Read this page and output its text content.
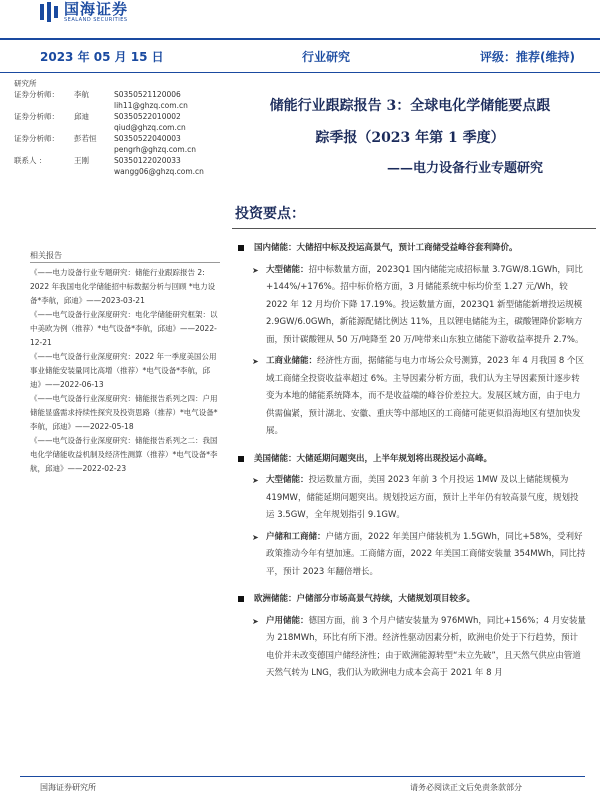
国海证券
SEALAND SECURITIES
2023 年 05 月 15 日	行业研究	评级：推荐(维持)
研究所
证券分析师：	李航	S0350521120006
lih11@ghzq.com.cn
证券分析师：	邱迪	S0350522010002
qiud@ghzq.com.cn
证券分析师：	彭若恒	S0350522040003
pengrh@ghzq.com.cn
联系人 ：	王刚	S0350122020033
wangg06@ghzq.com.cn
相关报告
《——电力设备行业专题研究：储能行业跟踪报告 2: 2022 年我国电化学储能招中标数据分析与回顾 *电力设备*李航，邱迪》——2023-03-21
《——电气设备行业深度研究：电化学储能研究框架：以中美欧为例（推荐）*电气设备*李航，邱迪》——2022-12-21
《——电气设备行业深度研究：2022 年一季度美国公用事业储能安装量同比高增（推荐）*电气设备*李航，邱迪》——2022-06-13
《——电气设备行业深度研究：储能报告系列之四：户用储能显盛需求持续性探究及投资思路（推荐）*电气设备*李航，邱迪》——2022-05-18
《——电气设备行业深度研究：储能报告系列之二：我国电化学储能收益机制及经济性测算（推荐）*电气设备*李航，邱迪》——2022-02-23
储能行业跟踪报告 3：全球电化学储能要点跟
踪季报（2023 年第 1 季度）
——电力设备行业专题研究
投资要点：
国内储能：大储招中标及投运高景气，预计工商储受益峰谷套利降价。
➤ 大型储能：招中标数量方面，2023Q1 国内储能完成招标量 3.7GW/8.1GWh，同比+144%/+176%。招中标价格方面，3 月储能系统中标均价至 1.27 元/Wh，较 2022 年 12 月均价下降 17.19%。投运数量方面，2023Q1 新型储能新增投运规模 2.9GW/6.0GWh，新能源配储比例达 11%，且以锂电储能为主，碳酸锂降价影响方面，预计碳酸锂从 50 万/吨降至 20 万/吨带来山东独立储能下游收益率提升 2.7%。
➤ 工商业储能：经济性方面，据储能与电力市场公众号测算，2023 年 4 月我国 8 个区域工商储全投资收益率超过 6%。主导因素分析方面，我们认为主导因素预计逐步转变为本地的储能系统降本，而不是收益端的峰谷价差拉大。发展区域方面，由于电力供需偏紧，预计湖北、安徽、重庆等中部地区的工商储可能更似沿海地区有望加快发展。
美国储能：大储延期问题突出，上半年规划将出现投运小高峰。
➤ 大型储能：投运数量方面，美国 2023 年前 3 个月投运 1MW 及以上储能规模为 419MW，储能延期问题突出。规划投运方面，预计上半年仍有较高景气度，规划投运 3.5GW，全年规划指引 9.1GW。
➤ 户储和工商储：户储方面，2022 年美国户储装机为 1.5GWh，同比+58%，受利好政策推动今年有望加速。工商储方面，2022 年美国工商储安装量 354MWh，同比持平，预计 2023 年翻倍增长。
欧洲储能：户储部分市场高景气持续，大储规划项目较多。
➤ 户用储能：德国方面，前 3 个月户储安装量为 976MWh，同比+156%；4 月安装量为 218MWh，环比有所下滑。经济性驱动因素分析，欧洲电价处于下行趋势，预计电价并未改变德国户储经济性；由于欧洲能源转型“未立先破”，且天然气供应由管道天然气转为 LNG，我们认为欧洲电力成本会高于 2021 年 8 月
国海证券研究所	请务必阅读正文后免责条款部分
